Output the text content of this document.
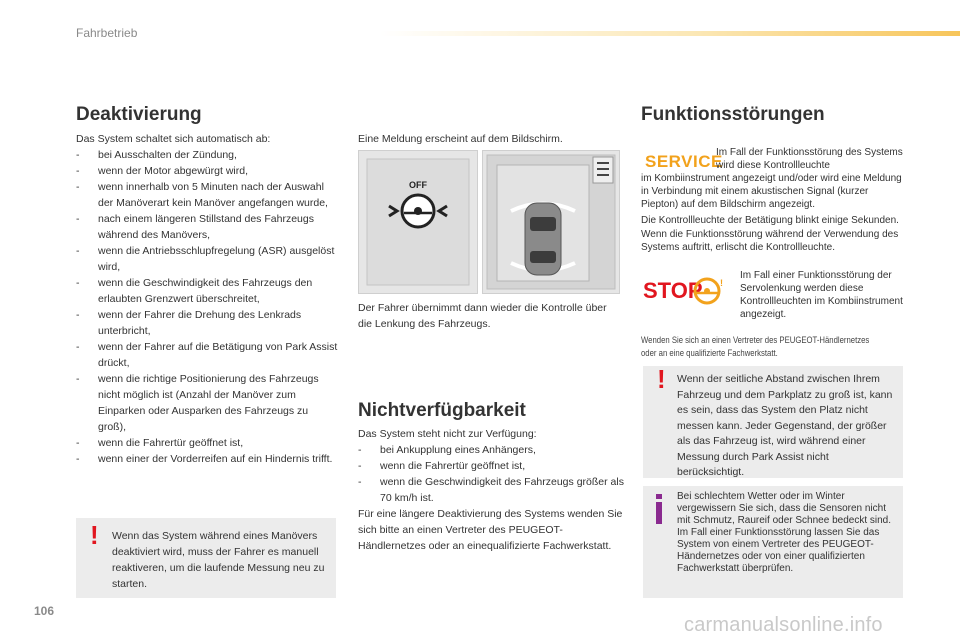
Fahrbetrieb
Deaktivierung

Das System schaltet sich automatisch ab:

- bei Ausschalten der Zündung,
- wenn der Motor abgewürgt wird,
- wenn innerhalb von 5 Minuten nach der Auswahl der Manöverart kein Manöver angefangen wurde,
- nach einem längeren Stillstand des Fahrzeugs während des Manövers,
- wenn die Antriebsschlupfregelung (ASR) ausgelöst wird,
- wenn die Geschwindigkeit des Fahrzeugs den erlaubten Grenzwert überschreitet,
- wenn der Fahrer die Drehung des Lenkrads unterbricht,
- wenn der Fahrer auf die Betätigung von Park Assist drückt,
- wenn die richtige Positionierung des Fahrzeugs nicht möglich ist (Anzahl der Manöver zum Einparken oder Ausparken des Fahrzeugs zu groß),
- wenn die Fahrertür geöffnet ist,
- wenn einer der Vorderreifen auf ein Hindernis trifft.
! Wenn das System während eines Manövers deaktiviert wird, muss der Fahrer es manuell reaktiveren, um die laufende Messung neu zu starten.
Eine Meldung erscheint auf dem Bildschirm.
OFF
Der Fahrer übernimmt dann wieder die Kontrolle über die Lenkung des Fahrzeugs.
Nichtverfügbarkeit

Das System steht nicht zur Verfügung:

- bei Ankupplung eines Anhängers,
- wenn die Fahrertür geöffnet ist,
- wenn die Geschwindigkeit des Fahrzeugs größer als 70 km/h ist.

Für eine längere Deaktivierung des Systems wenden Sie sich bitte an einen Vertreter des PEUGEOT-Händlernetzes oder an einequalifizierte Fachwerkstatt.

Funktionsstörungen
SERVICE
Im Fall der Funktionsstörung des Systems wird diese Kontrollleuchte
im Kombiinstrument angezeigt und/oder wird eine Meldung in Verbindung mit einem akustischen Signal (kurzer Piepton) auf dem Bildschirm angezeigt.
Die Kontrollleuchte der Betätigung blinkt einige Sekunden. Wenn die Funktionsstörung während der Verwendung des Systems auftritt, erlischt die Kontrollleuchte.
STOP !
Im Fall einer Funktionsstörung der Servolenkung werden diese Kontrollleuchten im Kombiinstrument angezeigt.
Wenden Sie sich an einen Vertreter des PEUGEOT-Händlernetzes oder an eine qualifizierte Fachwerkstatt.
! Wenn der seitliche Abstand zwischen Ihrem Fahrzeug und dem Parkplatz zu groß ist, kann es sein, dass das System den Platz nicht messen kann. Jeder Gegenstand, der größer als das Fahrzeug ist, wird während einer Messung durch Park Assist nicht berücksichtigt.
Bei schlechtem Wetter oder im Winter vergewissern Sie sich, dass die Sensoren nicht mit Schmutz, Raureif oder Schnee bedeckt sind. Im Fall einer Funktionsstörung lassen Sie das System von einem Vertreter des PEUGEOT-Händernetzes oder von einer qualifizierten Fachwerkstatt überprüfen.
106
carmanualsonline.info
